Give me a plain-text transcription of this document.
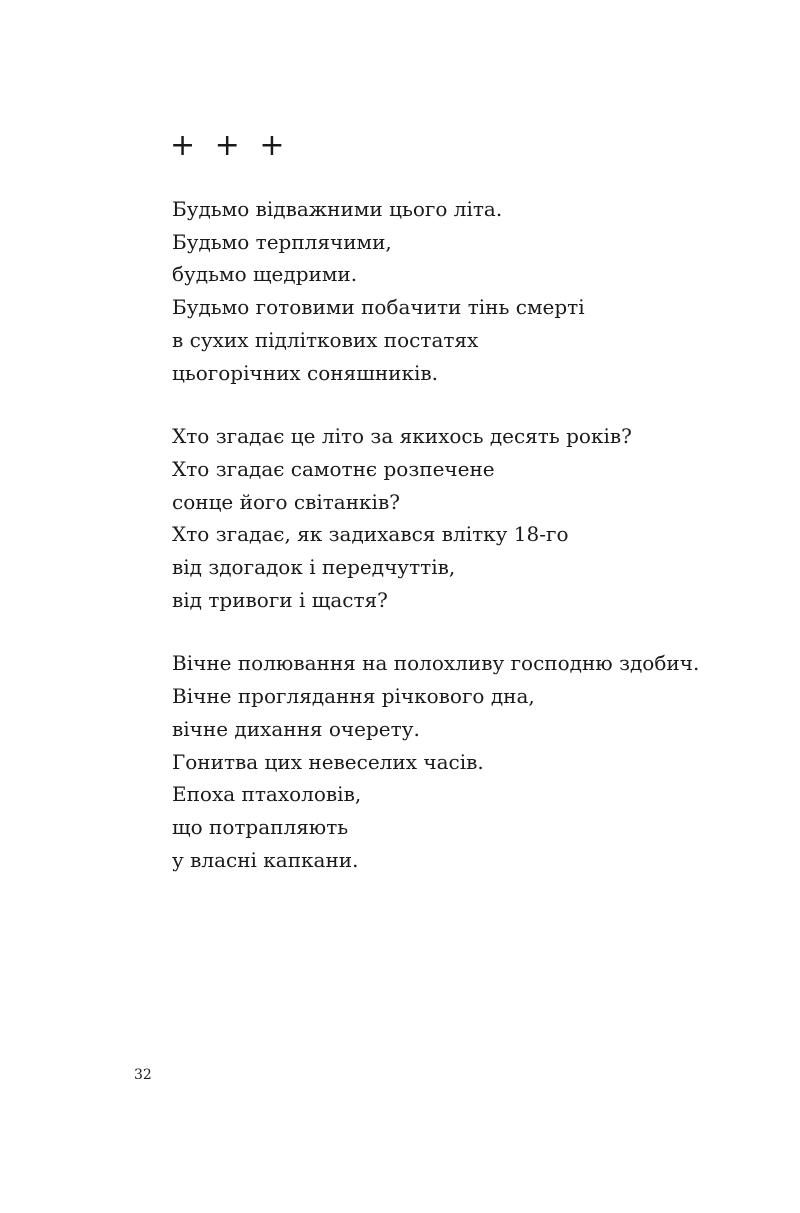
+ + +
Будьмо відважними цього літа.
Будьмо терплячими,
будьмо щедрими.
Будьмо готовими побачити тінь смерті
в сухих підліткових постатях
цьогорічних соняшників.
Хто згадає це літо за якихось десять років?
Хто згадає самотнє розпечене
сонце його світанків?
Хто згадає, як задихався влітку 18-го
від здогадок і передчуттів,
від тривоги і щастя?
Вічне полювання на полохливу господню здобич.
Вічне проглядання річкового дна,
вічне дихання очерету.
Гонитва цих невеселих часів.
Епоха птахоловів,
що потрапляють
у власні капкани.
32
